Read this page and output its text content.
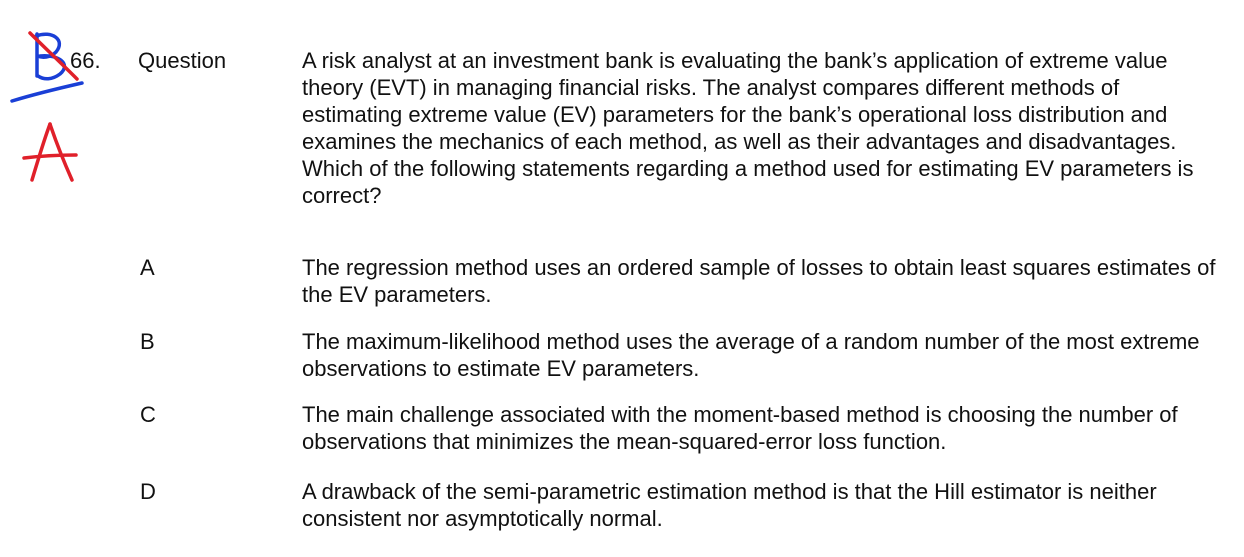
66. Question	A risk analyst at an investment bank is evaluating the bank’s application of extreme value theory (EVT) in managing financial risks. The analyst compares different methods of estimating extreme value (EV) parameters for the bank’s operational loss distribution and examines the mechanics of each method, as well as their advantages and disadvantages. Which of the following statements regarding a method used for estimating EV parameters is correct?
A	The regression method uses an ordered sample of losses to obtain least squares estimates of the EV parameters.
B	The maximum-likelihood method uses the average of a random number of the most extreme observations to estimate EV parameters.
C	The main challenge associated with the moment-based method is choosing the number of observations that minimizes the mean-squared-error loss function.
D	A drawback of the semi-parametric estimation method is that the Hill estimator is neither consistent nor asymptotically normal.
